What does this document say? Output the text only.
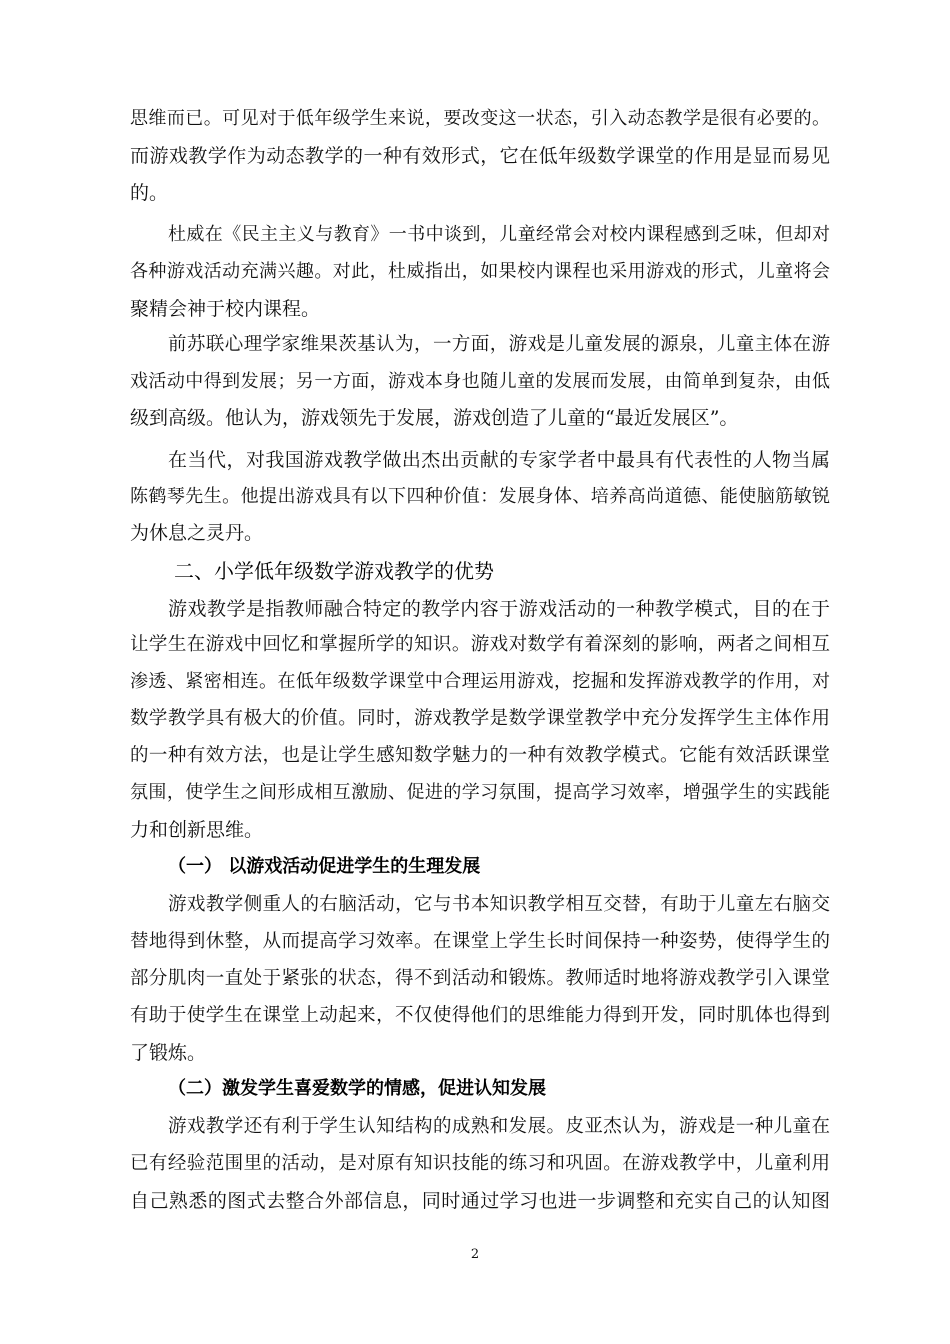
思维而已。可见对于低年级学生来说，要改变这一状态，引入动态教学是很有必要的。
而游戏教学作为动态教学的一种有效形式，它在低年级数学课堂的作用是显而易见
的。
杜威在《民主主义与教育》一书中谈到，儿童经常会对校内课程感到乏味，但却对
各种游戏活动充满兴趣。对此，杜威指出，如果校内课程也采用游戏的形式，儿童将会
聚精会神于校内课程。
前苏联心理学家维果茨基认为，一方面，游戏是儿童发展的源泉，儿童主体在游
戏活动中得到发展；另一方面，游戏本身也随儿童的发展而发展，由简单到复杂，由低
级到高级。他认为，游戏领先于发展，游戏创造了儿童的“最近发展区”。
在当代，对我国游戏教学做出杰出贡献的专家学者中最具有代表性的人物当属
陈鹤琴先生。他提出游戏具有以下四种价值：发展身体、培养高尚道德、能使脑筋敏锐
为休息之灵丹。
二、小学低年级数学游戏教学的优势
游戏教学是指教师融合特定的教学内容于游戏活动的一种教学模式，目的在于
让学生在游戏中回忆和掌握所学的知识。游戏对数学有着深刻的影响，两者之间相互
渗透、紧密相连。在低年级数学课堂中合理运用游戏，挖掘和发挥游戏教学的作用，对
数学教学具有极大的价值。同时，游戏教学是数学课堂教学中充分发挥学生主体作用
的一种有效方法，也是让学生感知数学魅力的一种有效教学模式。它能有效活跃课堂
氛围，使学生之间形成相互激励、促进的学习氛围，提高学习效率，增强学生的实践能
力和创新思维。
（一） 以游戏活动促进学生的生理发展
游戏教学侧重人的右脑活动，它与书本知识教学相互交替，有助于儿童左右脑交
替地得到休整，从而提高学习效率。在课堂上学生长时间保持一种姿势，使得学生的
部分肌肉一直处于紧张的状态，得不到活动和锻炼。教师适时地将游戏教学引入课堂
有助于使学生在课堂上动起来，不仅使得他们的思维能力得到开发，同时肌体也得到
了锻炼。
（二）激发学生喜爱数学的情感，促进认知发展
游戏教学还有利于学生认知结构的成熟和发展。皮亚杰认为，游戏是一种儿童在
已有经验范围里的活动，是对原有知识技能的练习和巩固。在游戏教学中，儿童利用
自己熟悉的图式去整合外部信息，同时通过学习也进一步调整和充实自己的认知图
2
